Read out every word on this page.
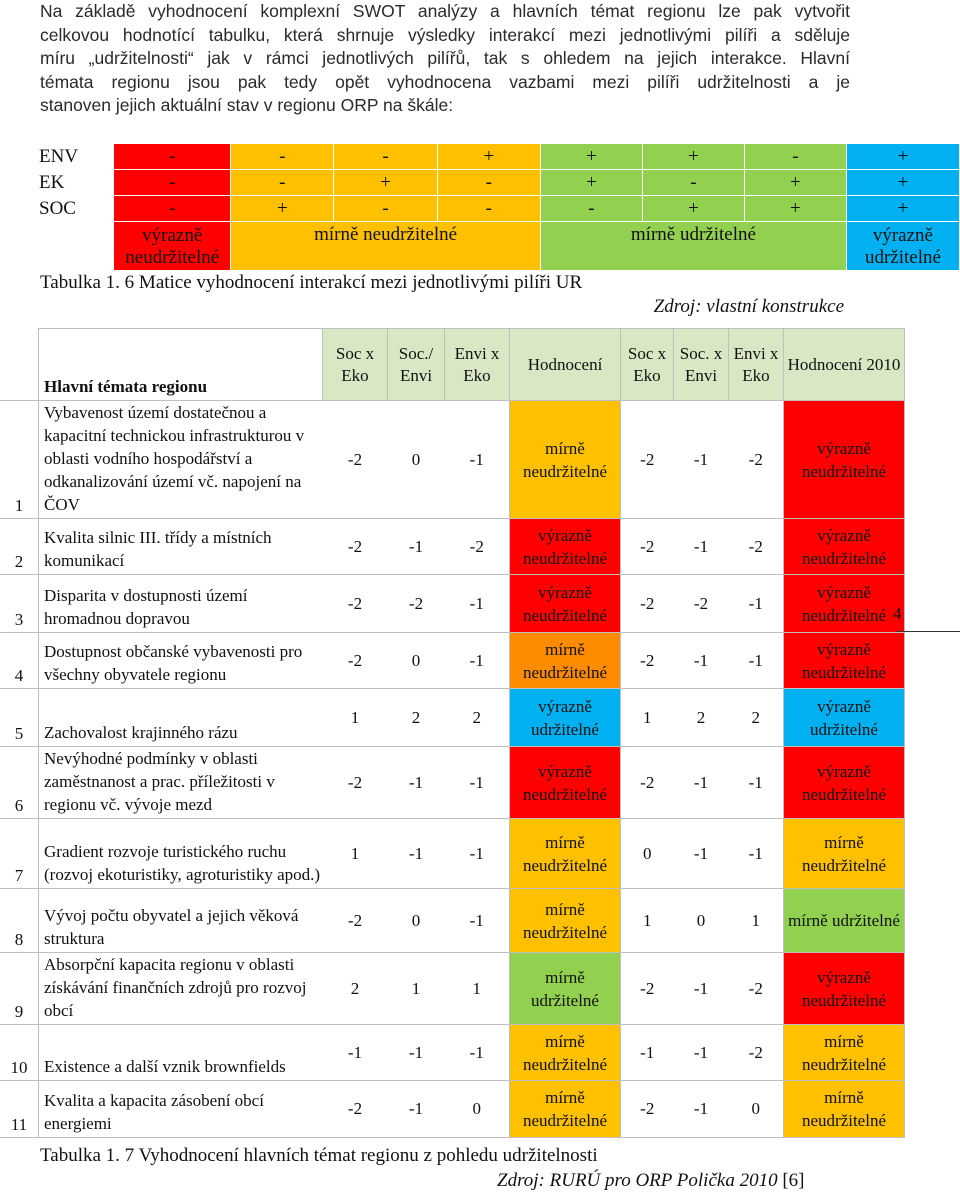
Na základě vyhodnocení komplexní SWOT analýzy a hlavních témat regionu lze pak vytvořit
celkovou hodnotící tabulku, která shrnuje výsledky interakcí mezi jednotlivými pilíři a sděluje
míru „udržitelnosti“ jak v rámci jednotlivých pilířů, tak s ohledem na jejich interakce. Hlavní
témata regionu jsou pak tedy opět vyhodnocena vazbami mezi pilíři udržitelnosti a je
stanoven jejich aktuální stav v regionu ORP na škále:
ENV	-	-	-	+	+	+	-	+
EK	-	-	+	-	+	-	+	+
SOC	-	+	-	-	-	+	+	+
	výrazně neudržitelné	mírně neudržitelné			mírně udržitelné			výrazně udržitelné
Tabulka 1. 6 Matice vyhodnocení interakcí mezi jednotlivými pilíři UR
Zdroj: vlastní konstrukce
	Hlavní témata regionu	Soc x Eko	Soc./ Envi	Envi x Eko	Hodnocení	Soc x Eko	Soc. x Envi	Envi x Eko	Hodnocení 2010
1	Vybavenost území dostatečnou a kapacitní technickou infrastrukturou v oblasti vodního hospodářství a odkanalizování území vč. napojení na ČOV	-2	0	-1	mírně neudržitelné	-2	-1	-2	výrazně neudržitelné
2	Kvalita silnic III. třídy a místních komunikací	-2	-1	-2	výrazně neudržitelné	-2	-1	-2	výrazně neudržitelné
3	Disparita v dostupnosti území hromadnou dopravou	-2	-2	-1	výrazně neudržitelné	-2	-2	-1	výrazně neudržitelné
4	Dostupnost občanské vybavenosti pro všechny obyvatele regionu	-2	0	-1	mírně neudržitelné	-2	-1	-1	výrazně neudržitelné
5	Zachovalost krajinného rázu	1	2	2	výrazně udržitelné	1	2	2	výrazně udržitelné
6	Nevýhodné podmínky v oblasti zaměstnanost a prac. příležitosti v regionu vč. vývoje mezd	-2	-1	-1	výrazně neudržitelné	-2	-1	-1	výrazně neudržitelné
7	Gradient rozvoje turistického ruchu (rozvoj ekoturistiky, agroturistiky apod.)	1	-1	-1	mírně neudržitelné	0	-1	-1	mírně neudržitelné
8	Vývoj počtu obyvatel a jejich věková struktura	-2	0	-1	mírně neudržitelné	1	0	1	mírně udržitelné
9	Absorpční kapacita regionu v oblasti získávání finančních zdrojů pro rozvoj obcí	2	1	1	mírně udržitelné	-2	-1	-2	výrazně neudržitelné
10	Existence a další vznik brownfields	-1	-1	-1	mírně neudržitelné	-1	-1	-2	mírně neudržitelné
11	Kvalita a kapacita zásobení obcí energiemi	-2	-1	0	mírně neudržitelné	-2	-1	0	mírně neudržitelné
4
Tabulka 1. 7 Vyhodnocení hlavních témat regionu z pohledu udržitelnosti
Zdroj: RURÚ pro ORP Polička 2010 [6]
